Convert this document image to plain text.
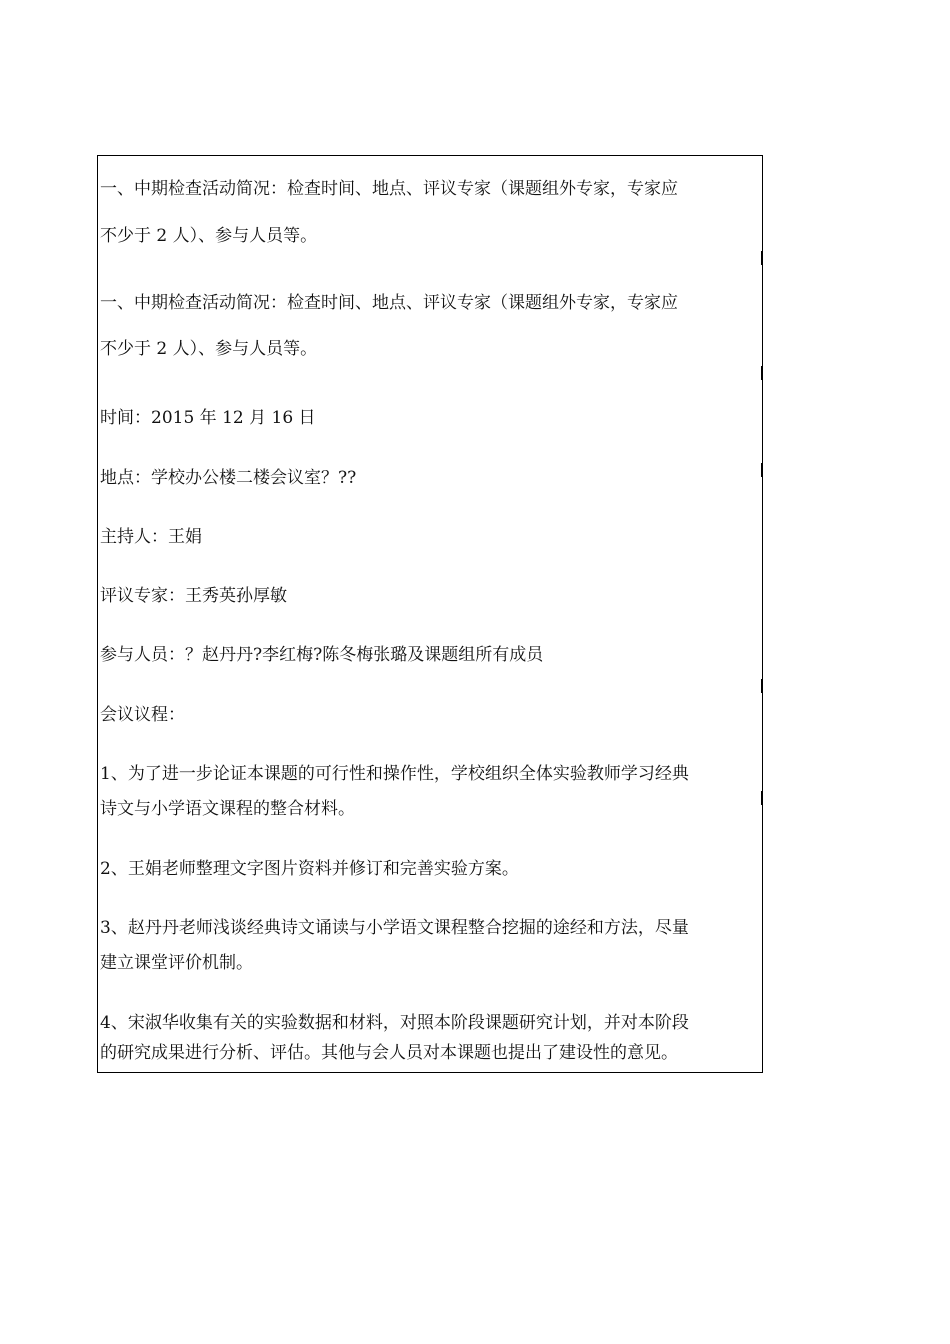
一、中期检查活动简况：检查时间、地点、评议专家（课题组外专家，专家应
不少于 2 人）、参与人员等。
一、中期检查活动简况：检查时间、地点、评议专家（课题组外专家，专家应
不少于 2 人）、参与人员等。
时间：2015 年 12 月 16 日
地点：学校办公楼二楼会议室？??
主持人：王娟
评议专家：王秀英孙厚敏
参与人员：？赵丹丹?李红梅?陈冬梅张璐及课题组所有成员
会议议程：
1、为了进一步论证本课题的可行性和操作性，学校组织全体实验教师学习经典
诗文与小学语文课程的整合材料。
2、王娟老师整理文字图片资料并修订和完善实验方案。
3、赵丹丹老师浅谈经典诗文诵读与小学语文课程整合挖掘的途经和方法，尽量
建立课堂评价机制。
4、宋淑华收集有关的实验数据和材料，对照本阶段课题研究计划，并对本阶段
的研究成果进行分析、评估。其他与会人员对本课题也提出了建设性的意见。
